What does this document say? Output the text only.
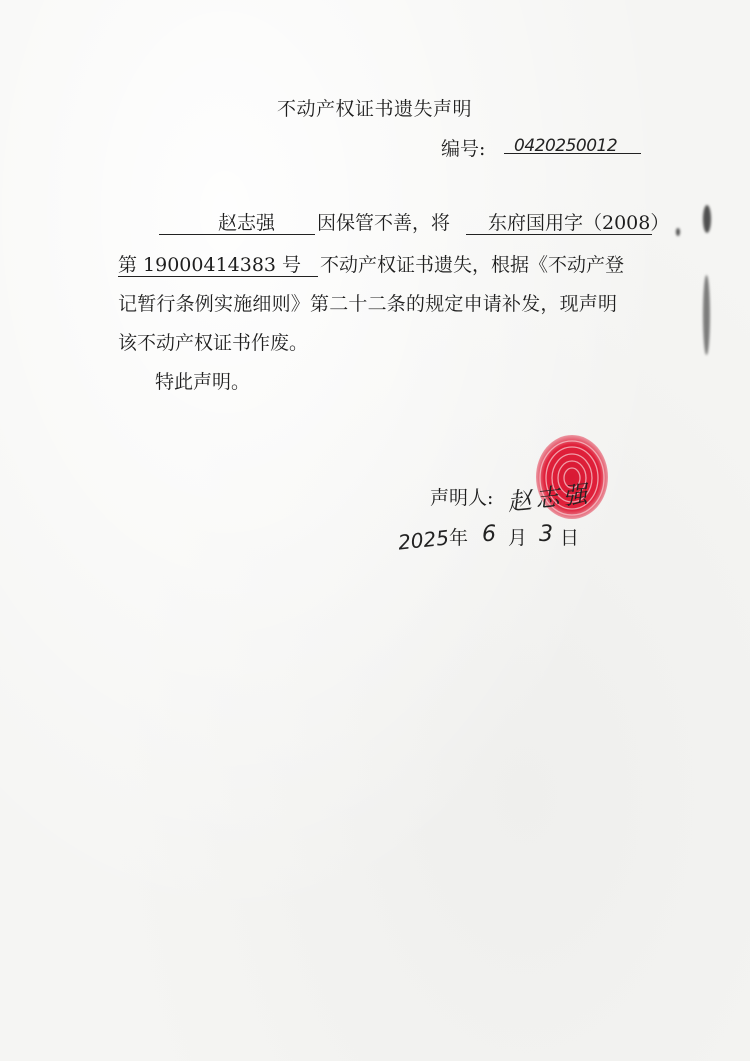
不动产权证书遗失声明
编号: 0420250012
赵志强 因保管不善，将 东府国用字（2008）
第 19000414383 号 不动产权证书遗失，根据《不动产登
记暂行条例实施细则》第二十二条的规定申请补发，现声明
该不动产权证书作废。
特此声明。
声明人: 赵志强
2025
年 6 月 3 日
